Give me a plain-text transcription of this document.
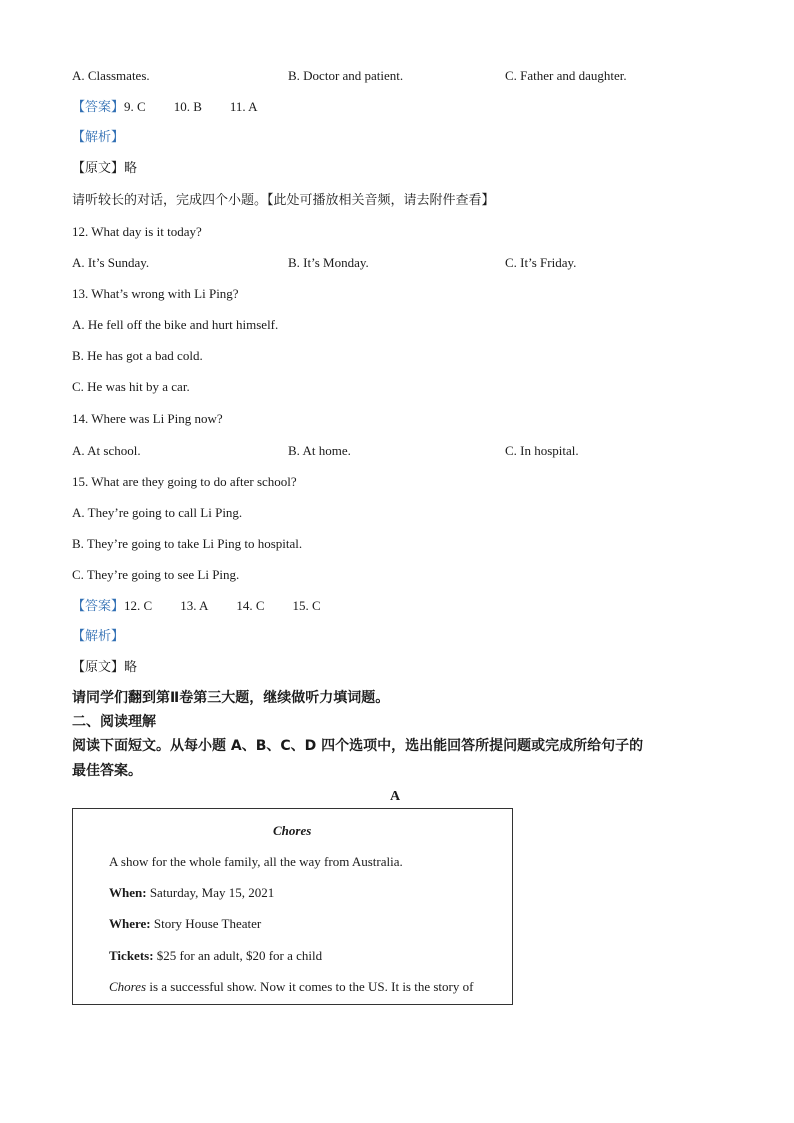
A. Classmates.	B. Doctor and patient.	C. Father and daughter.
【答案】9. C 10. B 11. A
【解析】
【原文】略
请听较长的对话，完成四个小题。【此处可播放相关音频，请去附件查看】
12. What day is it today?
A. It’s Sunday.	B. It’s Monday.	C. It’s Friday.
13. What’s wrong with Li Ping?
A. He fell off the bike and hurt himself.
B. He has got a bad cold.
C. He was hit by a car.
14. Where was Li Ping now?
A. At school.	B. At home.	C. In hospital.
15. What are they going to do after school?
A. They’re going to call Li Ping.
B. They’re going to take Li Ping to hospital.
C. They’re going to see Li Ping.
【答案】12. C 13. A 14. C 15. C
【解析】
【原文】略
请同学们翻到第Ⅱ卷第三大题，继续做听力填词题。
二、阅读理解
阅读下面短文。从每小题 A、B、C、D 四个选项中，选出能回答所提问题或完成所给句子的
最佳答案。
A
Chores
A show for the whole family, all the way from Australia.
When: Saturday, May 15, 2021
Where: Story House Theater
Tickets: $25 for an adult, $20 for a child
Chores is a successful show. Now it comes to the US. It is the story of
